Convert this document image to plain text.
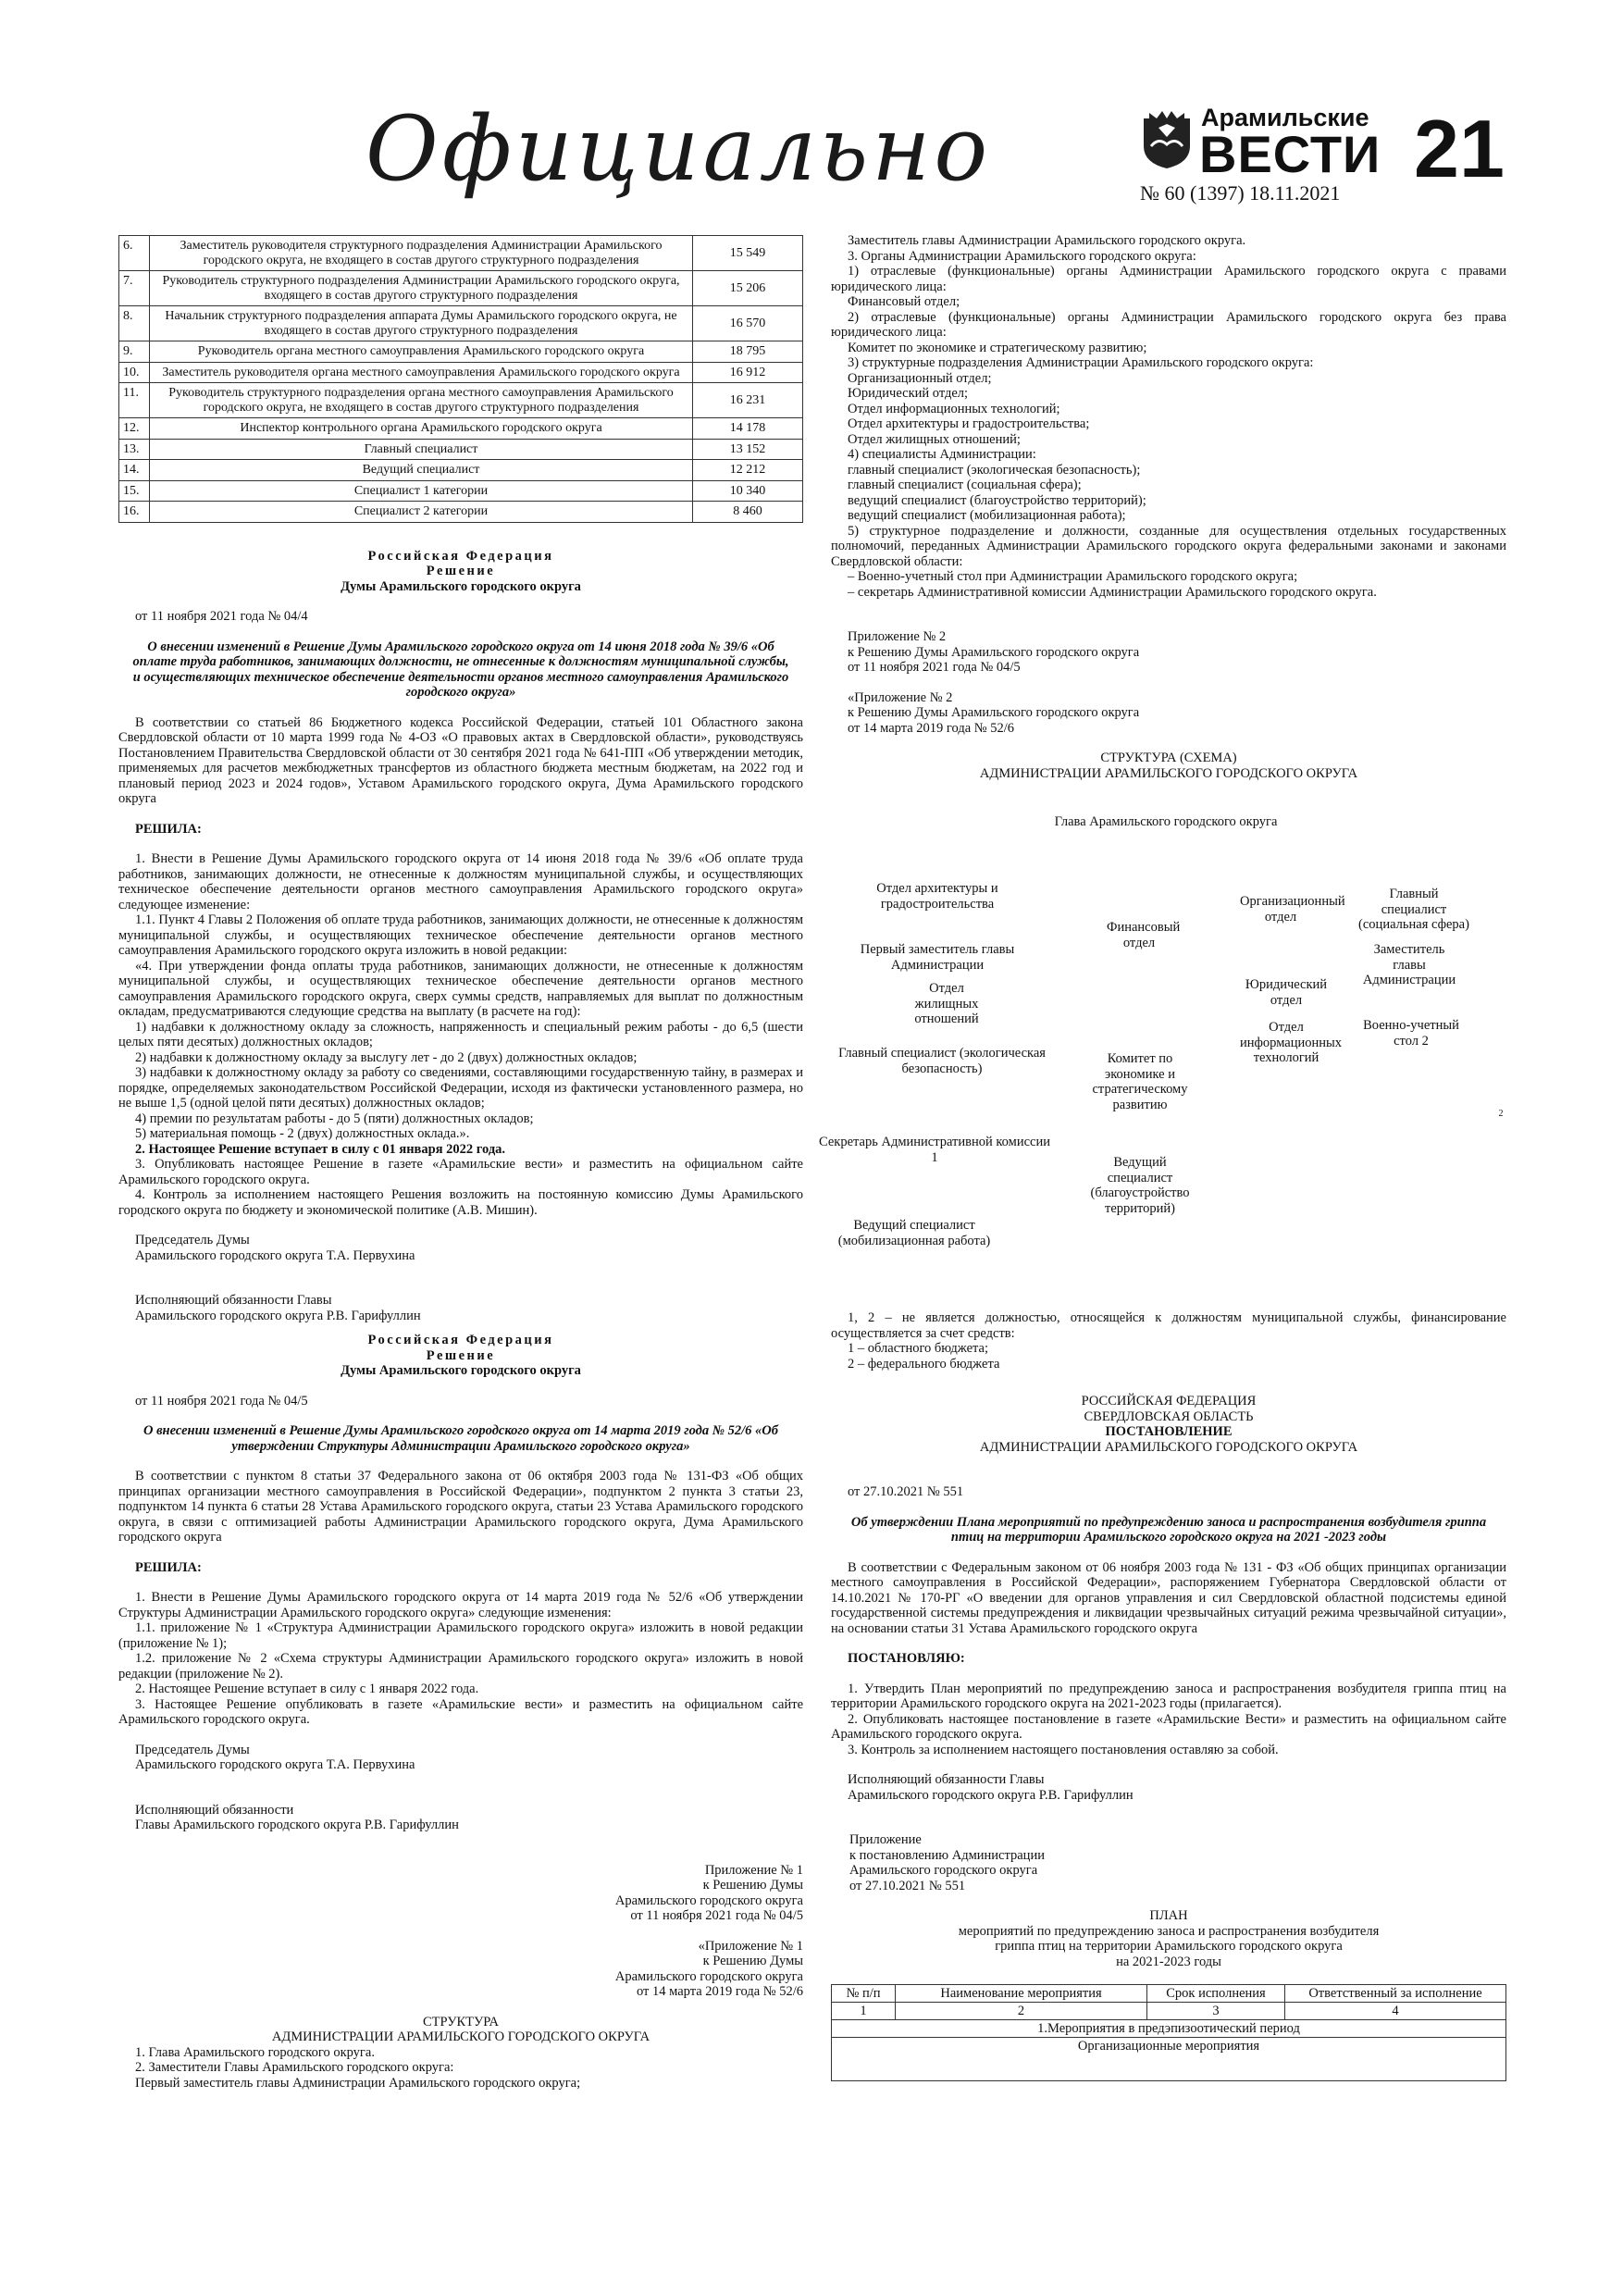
Официально	Арамильские
ВЕСТИ
№ 60 (1397) 18.11.2021 21
6.	Заместитель руководителя структурного подразделения Администрации Арамильского городского округа, не входящего в состав другого структурного подразделения	15 549
7.	Руководитель структурного подразделения Администрации Арамильского городского округа, входящего в состав другого структурного подразделения	15 206
8.	Начальник структурного подразделения аппарата Думы Арамильского городского округа, не входящего в состав другого структурного подразделения	16 570
9.	Руководитель органа местного самоуправления Арамильского городского округа	18 795
10.	Заместитель руководителя органа местного самоуправления Арамильского городского округа	16 912
11.	Руководитель структурного подразделения органа местного самоуправления Арамильского городского округа, не входящего в состав другого структурного подразделения	16 231
12.	Инспектор контрольного органа Арамильского городского округа	14 178
13.	Главный специалист	13 152
14.	Ведущий специалист	12 212
15.	Специалист 1 категории	10 340
16.	Специалист 2 категории	8 460

Российская Федерация

Решение

Думы Арамильского городского округа

от 11 ноября 2021 года № 04/4

О внесении изменений в Решение Думы Арамильского городского округа от 14 июня 2018 года № 39/6 «Об оплате труда работников, занимающих должности, не отнесенные к должностям муниципальной службы, и осуществляющих техническое обеспечение деятельности органов местного самоуправления Арамильского городского округа»

В соответствии со статьей 86 Бюджетного кодекса Российской Федерации, статьей 101 Областного закона Свердловской области от 10 марта 1999 года № 4-ОЗ «О правовых актах в Свердловской области», руководствуясь Постановлением Правительства Свердловской области от 30 сентября 2021 года № 641-ПП «Об утверждении методик, применяемых для расчетов межбюджетных трансфертов из областного бюджета местным бюджетам, на 2022 год и плановый период 2023 и 2024 годов», Уставом Арамильского городского округа, Дума Арамильского городского округа

РЕШИЛА:

1. Внести в Решение Думы Арамильского городского округа от 14 июня 2018 года № 39/6 «Об оплате труда работников, занимающих должности, не отнесенные к должностям муниципальной службы, и осуществляющих техническое обеспечение деятельности органов местного самоуправления Арамильского городского округа» следующее изменение:

1.1. Пункт 4 Главы 2 Положения об оплате труда работников, занимающих должности, не отнесенные к должностям муниципальной службы, и осуществляющих техническое обеспечение деятельности органов местного самоуправления Арамильского городского округа изложить в новой редакции:

«4. При утверждении фонда оплаты труда работников, занимающих должности, не отнесенные к должностям муниципальной службы, и осуществляющих техническое обеспечение деятельности органов местного самоуправления Арамильского городского округа, сверх суммы средств, направляемых для выплат по должностным окладам, предусматриваются следующие средства на выплату (в расчете на год):

1) надбавки к должностному окладу за сложность, напряженность и специальный режим работы - до 6,5 (шести целых пяти десятых) должностных окладов;

2) надбавки к должностному окладу за выслугу лет - до 2 (двух) должностных окладов;

3) надбавки к должностному окладу за работу со сведениями, составляющими государственную тайну, в размерах и порядке, определяемых законодательством Российской Федерации, исходя из фактически установленного размера, но не выше 1,5 (одной целой пяти десятых) должностных окладов;

4) премии по результатам работы - до 5 (пяти) должностных окладов;

5) материальная помощь - 2 (двух) должностных оклада.».

2. Настоящее Решение вступает в силу с 01 января 2022 года.

3. Опубликовать настоящее Решение в газете «Арамильские вести» и разместить на официальном сайте Арамильского городского округа.

4. Контроль за исполнением настоящего Решения возложить на постоянную комиссию Думы Арамильского городского округа по бюджету и экономической политике (А.В. Мишин).

Председатель Думы

Арамильского городского округа Т.А. Первухина

Исполняющий обязанности Главы

Арамильского городского округа Р.В. Гарифуллин

Российская Федерация

Решение

Думы Арамильского городского округа

от 11 ноября 2021 года № 04/5

О внесении изменений в Решение Думы Арамильского городского округа от 14 марта 2019 года № 52/6 «Об утверждении Структуры Администрации Арамильского городского округа»

В соответствии с пунктом 8 статьи 37 Федерального закона от 06 октября 2003 года № 131-ФЗ «Об общих принципах организации местного самоуправления в Российской Федерации», подпунктом 2 пункта 3 статьи 23, подпунктом 14 пункта 6 статьи 28 Устава Арамильского городского округа, статьи 23 Устава Арамильского городского округа, в связи с оптимизацией работы Администрации Арамильского городского округа, Дума Арамильского городского округа

РЕШИЛА:

1. Внести в Решение Думы Арамильского городского округа от 14 марта 2019 года № 52/6 «Об утверждении Структуры Администрации Арамильского городского округа» следующие изменения:

1.1. приложение № 1 «Структура Администрации Арамильского городского округа» изложить в новой редакции (приложение № 1);

1.2. приложение № 2 «Схема структуры Администрации Арамильского городского округа» изложить в новой редакции (приложение № 2).

2. Настоящее Решение вступает в силу с 1 января 2022 года.

3. Настоящее Решение опубликовать в газете «Арамильские вести» и разместить на официальном сайте Арамильского городского округа.

Председатель Думы

Арамильского городского округа Т.А. Первухина

Исполняющий обязанности

Главы Арамильского городского округа Р.В. Гарифуллин

Приложение № 1

к Решению Думы

Арамильского городского округа

от 11 ноября 2021 года № 04/5

«Приложение № 1

к Решению Думы

Арамильского городского округа

от 14 марта 2019 года № 52/6

СТРУКТУРА

АДМИНИСТРАЦИИ АРАМИЛЬСКОГО ГОРОДСКОГО ОКРУГА

1. Глава Арамильского городского округа.

2. Заместители Главы Арамильского городского округа:

Первый заместитель главы Администрации Арамильского городского округа;

Заместитель главы Администрации Арамильского городского округа.

3. Органы Администрации Арамильского городского округа:

1) отраслевые (функциональные) органы Администрации Арамильского городского округа с правами юридического лица:

Финансовый отдел;

2) отраслевые (функциональные) органы Администрации Арамильского городского округа без права юридического лица:

Комитет по экономике и стратегическому развитию;

3) структурные подразделения Администрации Арамильского городского округа:

Организационный отдел;

Юридический отдел;

Отдел информационных технологий;

Отдел архитектуры и градостроительства;

Отдел жилищных отношений;

4) специалисты Администрации:

главный специалист (экологическая безопасность);

главный специалист (социальная сфера);

ведущий специалист (благоустройство территорий);

ведущий специалист (мобилизационная работа);

5) структурное подразделение и должности, созданные для осуществления отдельных государственных полномочий, переданных Администрации Арамильского городского округа федеральными законами и законами Свердловской области:

– Военно-учетный стол при Администрации Арамильского городского округа;

– секретарь Административной комиссии Администрации Арамильского городского округа.

Приложение № 2

к Решению Думы Арамильского городского округа

от 11 ноября 2021 года № 04/5

«Приложение № 2

к Решению Думы Арамильского городского округа

от 14 марта 2019 года № 52/6

СТРУКТУРА (СХЕМА)

АДМИНИСТРАЦИИ АРАМИЛЬСКОГО ГОРОДСКОГО ОКРУГА

Глава Арамильского городского округа
Отдел архитектуры и градостроительства
Первый заместитель главы Администрации
Отдел жилищных отношений
Главный специалист (экологическая безопасность)
Секретарь Административной комиссии 1
Ведущий специалист (мобилизационная работа)
Финансовый отдел
Комитет по экономике и стратегическому развитию
Ведущий специалист (благоустройство территорий)
Организационный отдел
Юридический отдел
Отдел информационных технологий
Главный специалист (социальная сфера)
Заместитель главы Администрации
Военно-учетный стол 2
2

1, 2 – не является должностью, относящейся к должностям муниципальной службы, финансирование осуществляется за счет средств:

1 – областного бюджета;

2 – федерального бюджета

РОССИЙСКАЯ ФЕДЕРАЦИЯ

СВЕРДЛОВСКАЯ ОБЛАСТЬ

ПОСТАНОВЛЕНИЕ

АДМИНИСТРАЦИИ АРАМИЛЬСКОГО ГОРОДСКОГО ОКРУГА

от 27.10.2021 № 551

Об утверждении Плана мероприятий по предупреждению заноса и распространения возбудителя гриппа птиц на территории Арамильского городского округа на 2021 -2023 годы

В соответствии с Федеральным законом от 06 ноября 2003 года № 131 - ФЗ «Об общих принципах организации местного самоуправления в Российской Федерации», распоряжением Губернатора Свердловской области от 14.10.2021 № 170-РГ «О введении для органов управления и сил Свердловской областной подсистемы единой государственной системы предупреждения и ликвидации чрезвычайных ситуаций режима чрезвычайной ситуации», на основании статьи 31 Устава Арамильского городского округа

ПОСТАНОВЛЯЮ:

1. Утвердить План мероприятий по предупреждению заноса и распространения возбудителя гриппа птиц на территории Арамильского городского округа на 2021-2023 годы (прилагается).

2. Опубликовать настоящее постановление в газете «Арамильские Вести» и разместить на официальном сайте Арамильского городского округа.

3. Контроль за исполнением настоящего постановления оставляю за собой.

Исполняющий обязанности Главы

Арамильского городского округа Р.В. Гарифуллин

Приложение

к постановлению Администрации

Арамильского городского округа

от 27.10.2021 № 551

ПЛАН

мероприятий по предупреждению заноса и распространения возбудителя

гриппа птиц на территории Арамильского городского округа

на 2021-2023 годы

№ п/п	Наименование мероприятия	Срок исполнения	Ответственный за исполнение
1	2	3	4
1.Мероприятия в предэпизоотический период			
Организационные мероприятия			
